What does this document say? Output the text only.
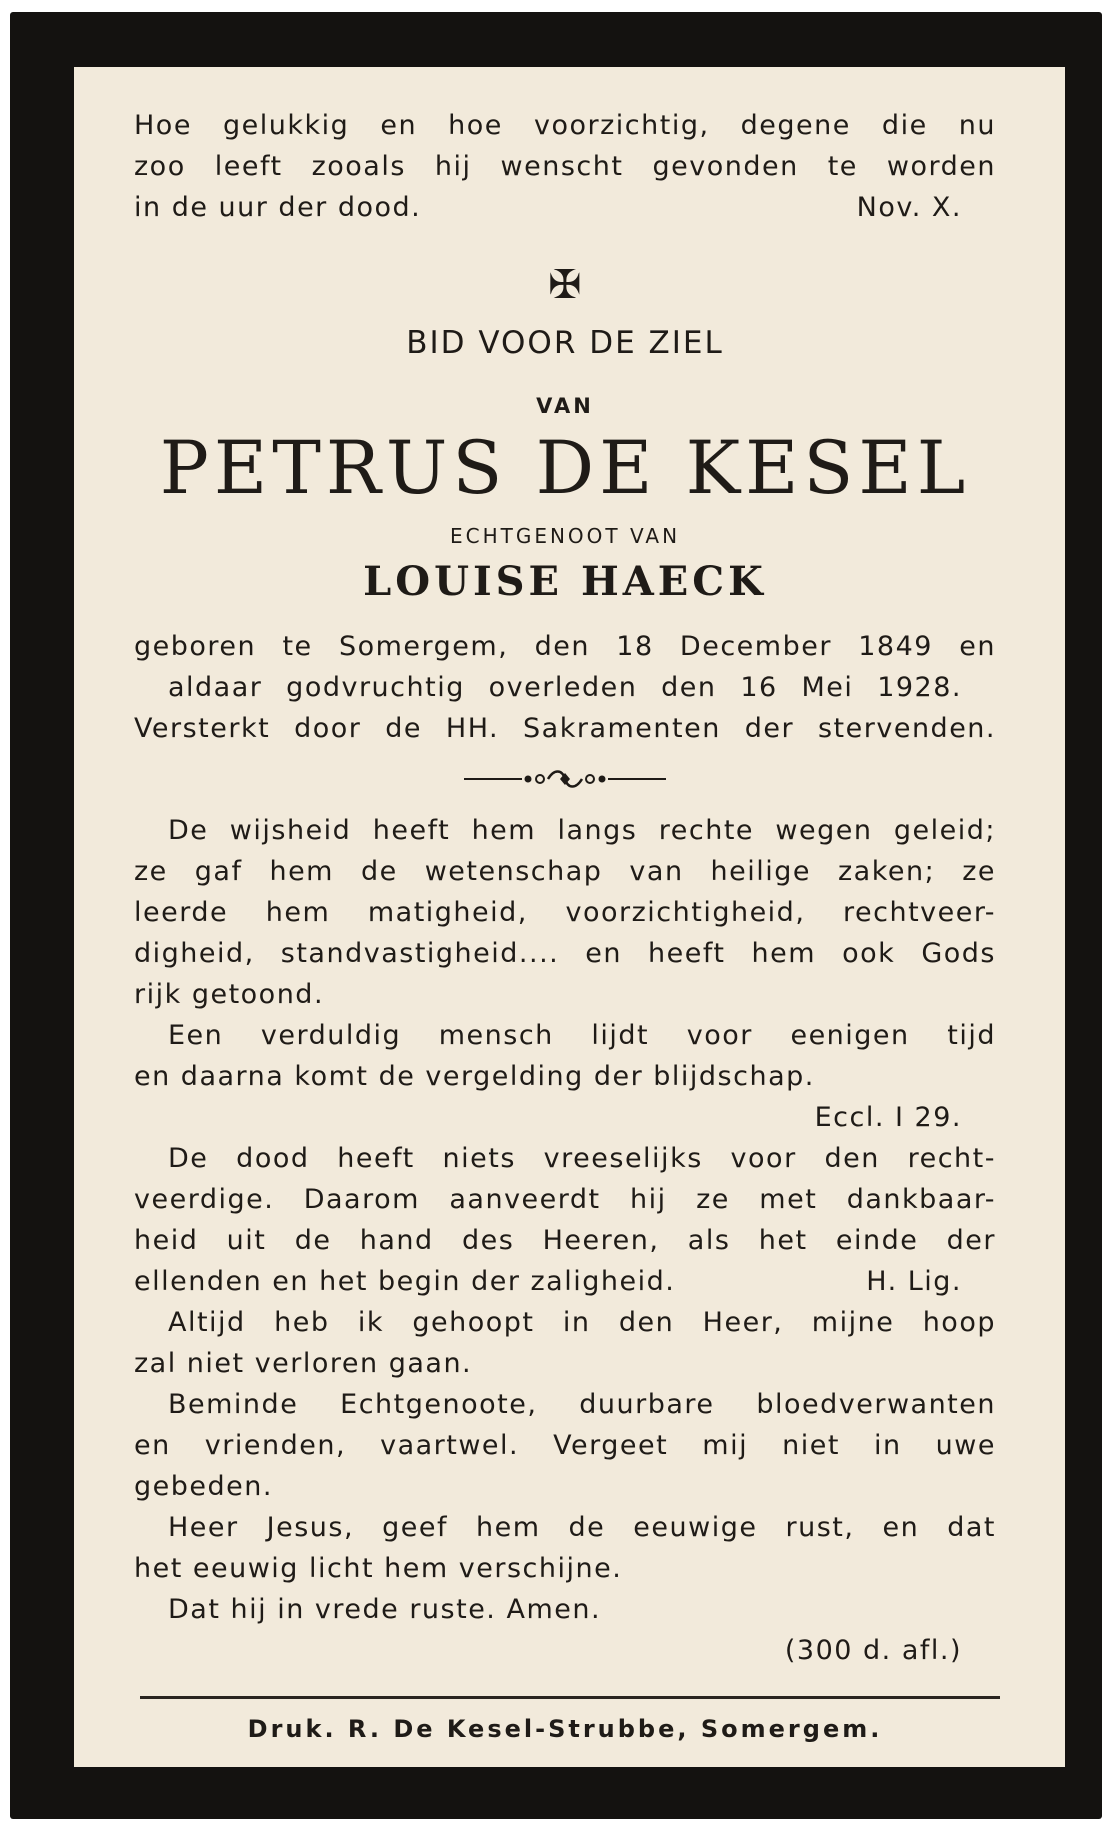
Hoe gelukkig en hoe voorzichtig, degene die nu

zoo leeft zooals hij wenscht gevonden te worden

in de uur der dood.	Nov. X.
✠
BID VOOR DE ZIEL
VAN
PETRUS DE KESEL
ECHTGENOOT VAN
LOUISE HAECK

geboren te Somergem, den 18 December 1849 en

aldaar godvruchtig overleden den 16 Mei 1928.

Versterkt door de HH. Sakramenten der stervenden.

De wijsheid heeft hem langs rechte wegen geleid;

ze gaf hem de wetenschap van heilige zaken; ze

leerde hem matigheid, voorzichtigheid, rechtveer-

digheid, standvastigheid.... en heeft hem ook Gods

rijk getoond.

Een verduldig mensch lijdt voor eenigen tijd

en daarna komt de vergelding der blijdschap.

Eccl. I 29.

De dood heeft niets vreeselijks voor den recht-

veerdige. Daarom aanveerdt hij ze met dankbaar-

heid uit de hand des Heeren, als het einde der

ellenden en het begin der zaligheid.	H. Lig.

Altijd heb ik gehoopt in den Heer, mijne hoop

zal niet verloren gaan.

Beminde Echtgenoote, duurbare bloedverwanten

en vrienden, vaartwel. Vergeet mij niet in uwe

gebeden.

Heer Jesus, geef hem de eeuwige rust, en dat

het eeuwig licht hem verschijne.

Dat hij in vrede ruste. Amen.

(300 d. afl.)

Druk. R. De Kesel-Strubbe, Somergem.
